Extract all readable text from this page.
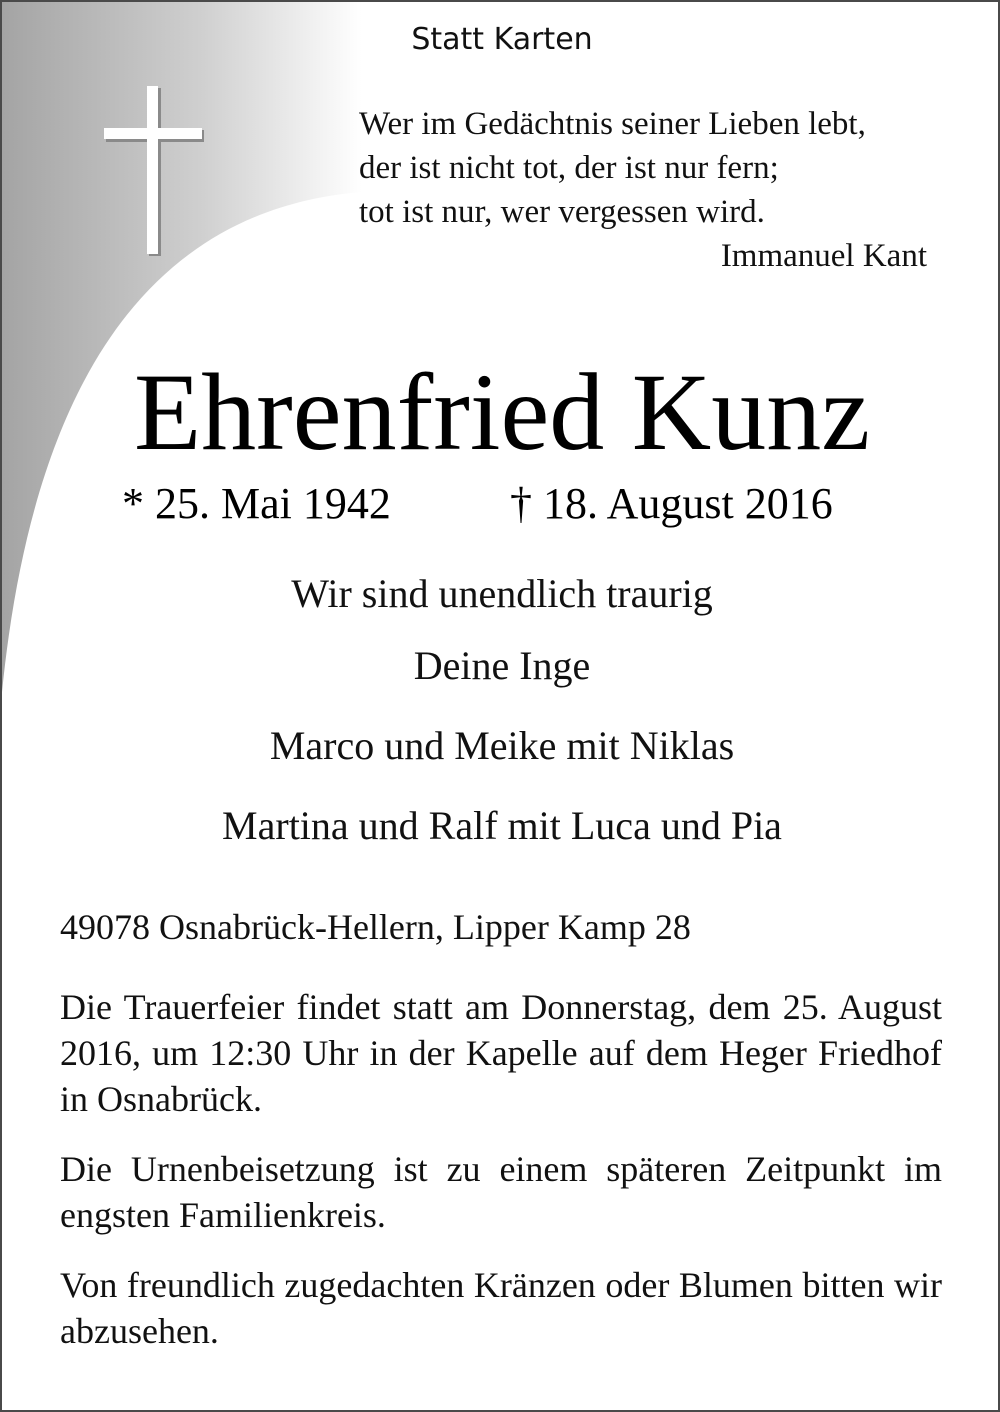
Statt Karten
Wer im Gedächtnis seiner Lieben lebt,
der ist nicht tot, der ist nur fern;
tot ist nur, wer vergessen wird.
Immanuel Kant
Ehrenfried Kunz
* 25. Mai 1942	† 18. August 2016
Wir sind unendlich traurig
Deine Inge
Marco und Meike mit Niklas
Martina und Ralf mit Luca und Pia

49078 Osnabrück-Hellern, Lipper Kamp 28

Die Trauerfeier findet statt am Donnerstag, dem 25. August 2016, um 12:30 Uhr in der Kapelle auf dem Heger Friedhof in Osnabrück.

Die Urnenbeisetzung ist zu einem späteren Zeitpunkt im engsten Familienkreis.

Von freundlich zugedachten Kränzen oder Blumen bitten wir abzusehen.
